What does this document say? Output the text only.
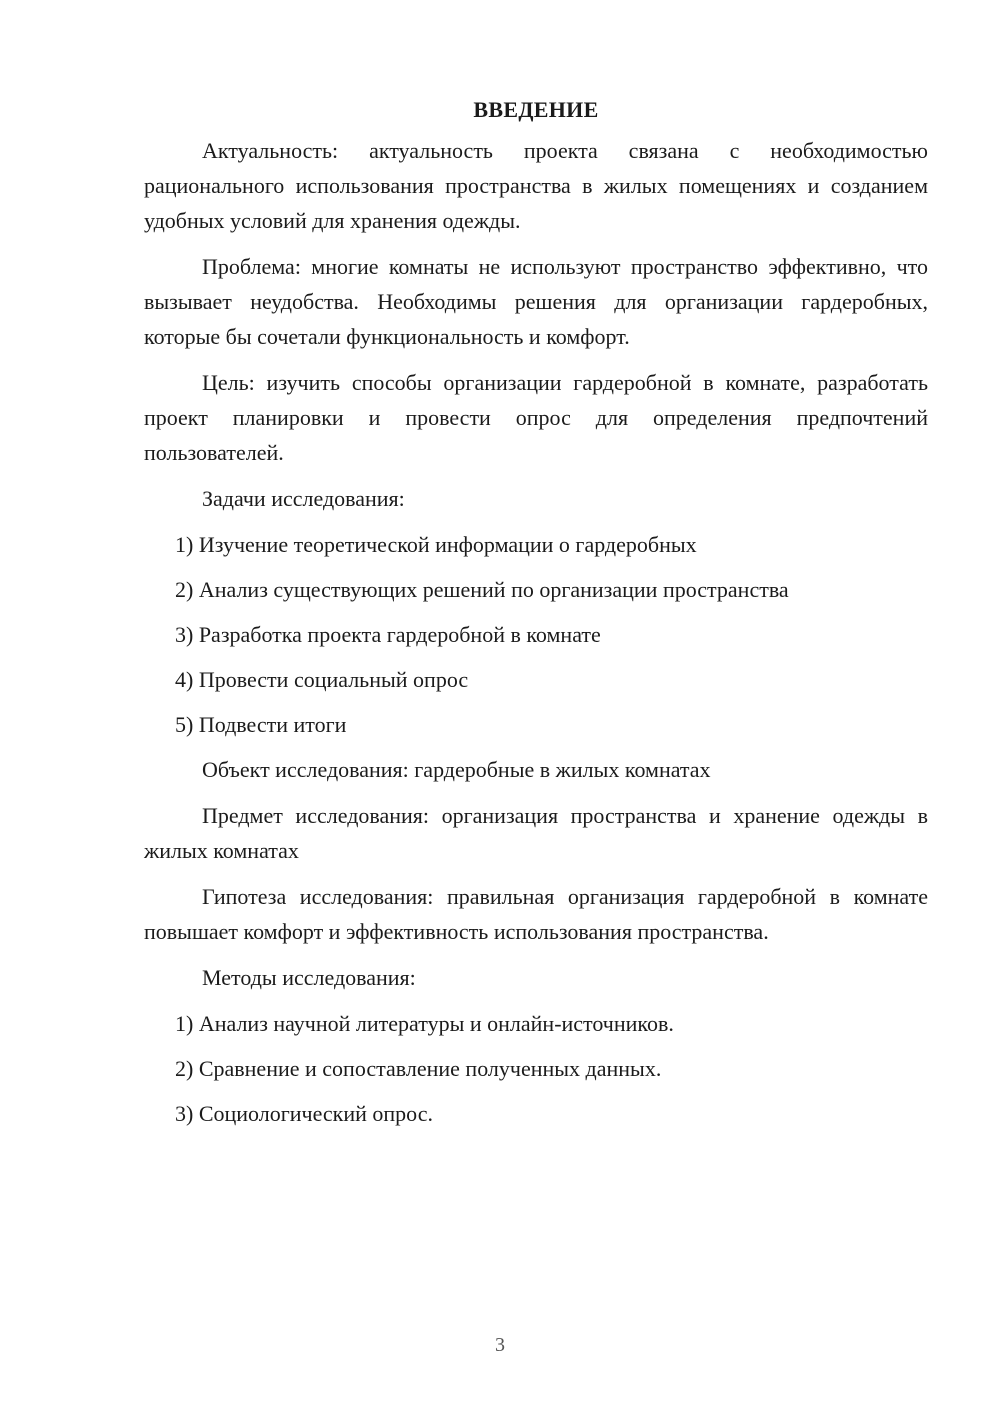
ВВЕДЕНИЕ

Актуальность: актуальность проекта связана с необходимостью рационального использования пространства в жилых помещениях и созданием удобных условий для хранения одежды.

Проблема: многие комнаты не используют пространство эффективно, что вызывает неудобства. Необходимы решения для организации гардеробных, которые бы сочетали функциональность и комфорт.

Цель: изучить способы организации гардеробной в комнате, разработать проект планировки и провести опрос для определения предпочтений пользователей.

Задачи исследования:

1) Изучение теоретической информации о гардеробных
2) Анализ существующих решений по организации пространства
3) Разработка проекта гардеробной в комнате
4) Провести социальный опрос
5) Подвести итоги

Объект исследования: гардеробные в жилых комнатах

Предмет исследования: организация пространства и хранение одежды в жилых комнатах

Гипотеза исследования: правильная организация гардеробной в комнате повышает комфорт и эффективность использования пространства.

Методы исследования:

1) Анализ научной литературы и онлайн-источников.
2) Сравнение и сопоставление полученных данных.
3) Социологический опрос.
3
